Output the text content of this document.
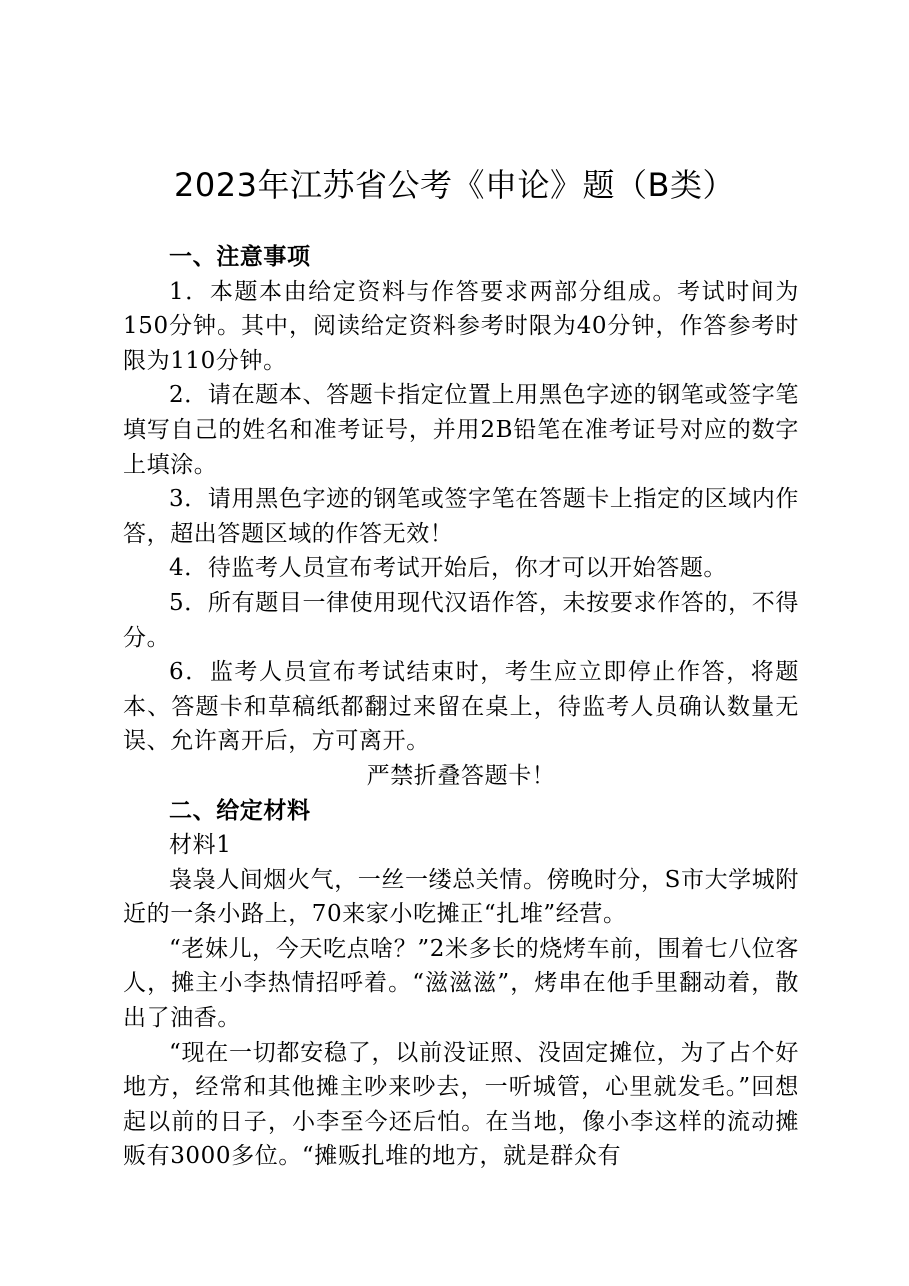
2023年江苏省公考《申论》题（B类）

一、注意事项

1．本题本由给定资料与作答要求两部分组成。考试时间为150分钟。其中，阅读给定资料参考时限为40分钟，作答参考时限为110分钟。

2．请在题本、答题卡指定位置上用黑色字迹的钢笔或签字笔填写自己的姓名和准考证号，并用2B铅笔在准考证号对应的数字上填涂。

3．请用黑色字迹的钢笔或签字笔在答题卡上指定的区域内作答，超出答题区域的作答无效！

4．待监考人员宣布考试开始后，你才可以开始答题。

5．所有题目一律使用现代汉语作答，未按要求作答的，不得分。

6．监考人员宣布考试结束时，考生应立即停止作答，将题本、答题卡和草稿纸都翻过来留在桌上，待监考人员确认数量无误、允许离开后，方可离开。

严禁折叠答题卡！

二、给定材料

材料1

袅袅人间烟火气，一丝一缕总关情。傍晚时分，S市大学城附近的一条小路上，70来家小吃摊正“扎堆”经营。

“老妹儿，今天吃点啥？”2米多长的烧烤车前，围着七八位客人，摊主小李热情招呼着。“滋滋滋”，烤串在他手里翻动着，散出了油香。

“现在一切都安稳了，以前没证照、没固定摊位，为了占个好地方，经常和其他摊主吵来吵去，一听城管，心里就发毛。”回想起以前的日子，小李至今还后怕。在当地，像小李这样的流动摊贩有3000多位。“摊贩扎堆的地方，就是群众有
